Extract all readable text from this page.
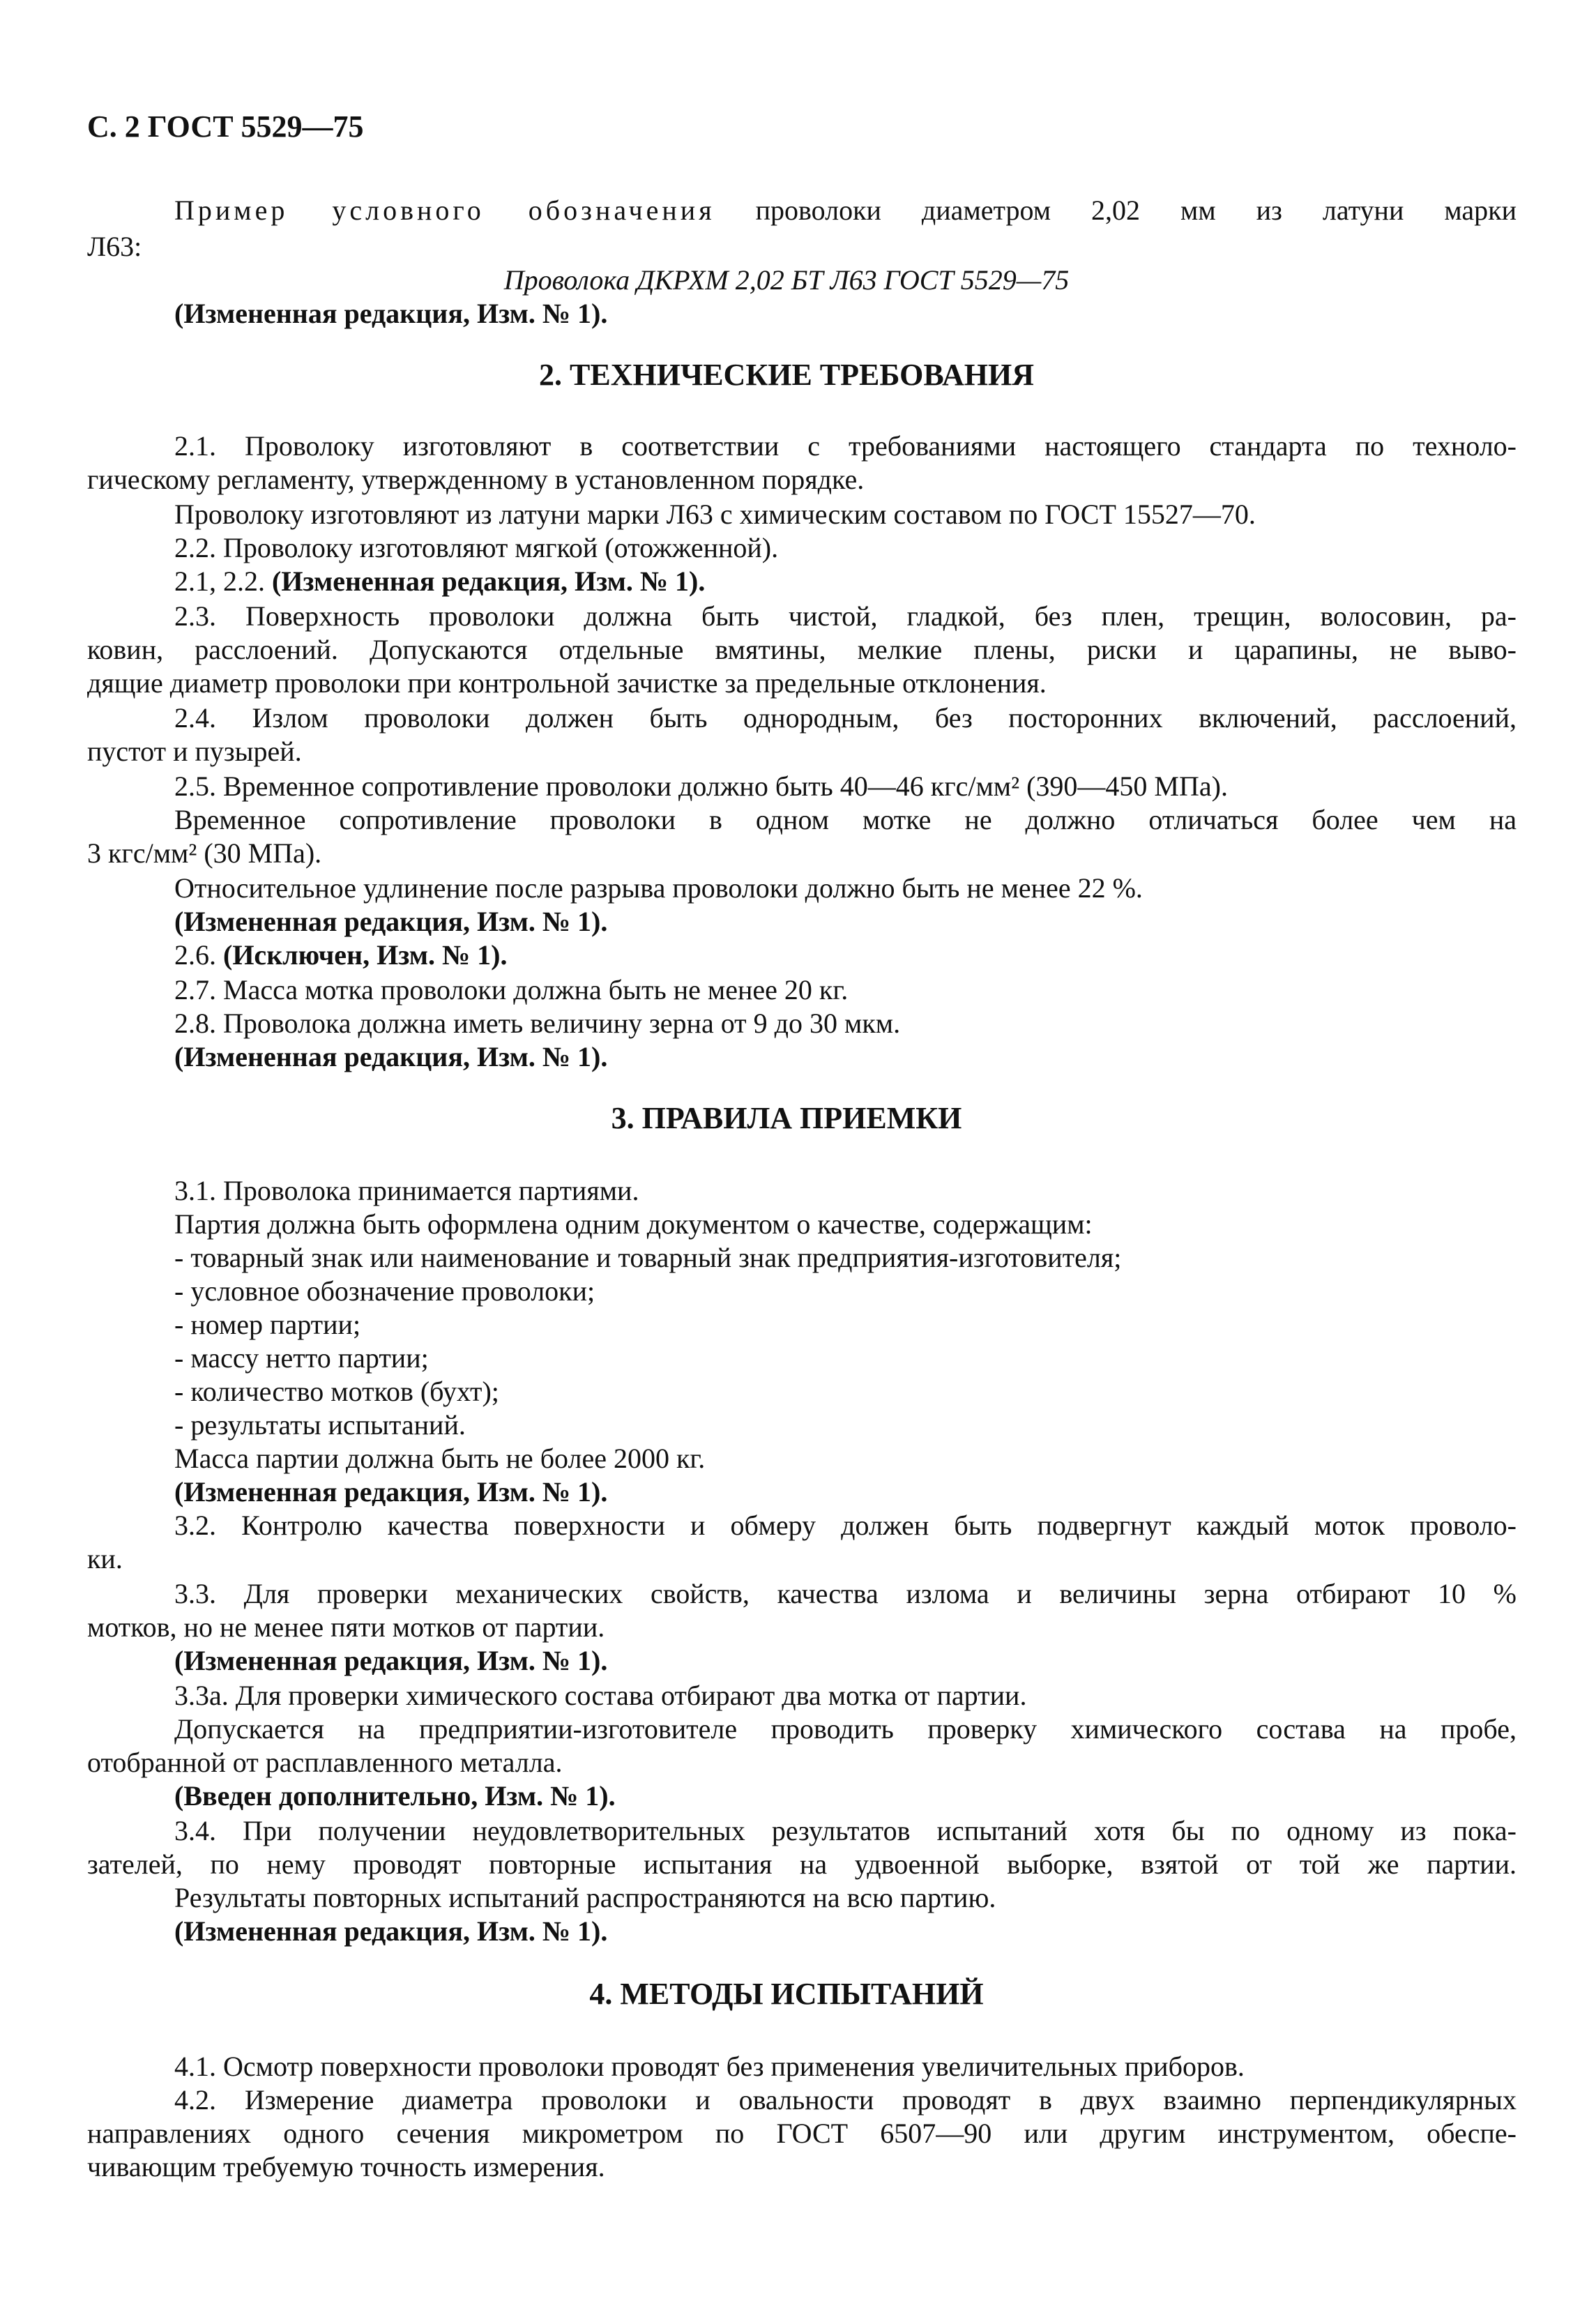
С. 2 ГОСТ 5529—75
Пример условного обозначения проволоки диаметром 2,02 мм из латуни марки
Л63:
Проволока ДКРХМ 2,02 БТ Л63 ГОСТ 5529—75
(Измененная редакция, Изм. № 1).
2. ТЕХНИЧЕСКИЕ ТРЕБОВАНИЯ
2.1. Проволоку изготовляют в соответствии с требованиями настоящего стандарта по техноло-
гическому регламенту, утвержденному в установленном порядке.
Проволоку изготовляют из латуни марки Л63 с химическим составом по ГОСТ 15527—70.
2.2. Проволоку изготовляют мягкой (отожженной).
2.1, 2.2. (Измененная редакция, Изм. № 1).
2.3. Поверхность проволоки должна быть чистой, гладкой, без плен, трещин, волосовин, ра-
ковин, расслоений. Допускаются отдельные вмятины, мелкие плены, риски и царапины, не выво-
дящие диаметр проволоки при контрольной зачистке за предельные отклонения.
2.4. Излом проволоки должен быть однородным, без посторонних включений, расслоений,
пустот и пузырей.
2.5. Временное сопротивление проволоки должно быть 40—46 кгс/мм² (390—450 МПа).
Временное сопротивление проволоки в одном мотке не должно отличаться более чем на
3 кгс/мм² (30 МПа).
Относительное удлинение после разрыва проволоки должно быть не менее 22 %.
(Измененная редакция, Изм. № 1).
2.6. (Исключен, Изм. № 1).
2.7. Масса мотка проволоки должна быть не менее 20 кг.
2.8. Проволока должна иметь величину зерна от 9 до 30 мкм.
(Измененная редакция, Изм. № 1).
3. ПРАВИЛА ПРИЕМКИ
3.1. Проволока принимается партиями.
Партия должна быть оформлена одним документом о качестве, содержащим:
- товарный знак или наименование и товарный знак предприятия-изготовителя;
- условное обозначение проволоки;
- номер партии;
- массу нетто партии;
- количество мотков (бухт);
- результаты испытаний.
Масса партии должна быть не более 2000 кг.
(Измененная редакция, Изм. № 1).
3.2. Контролю качества поверхности и обмеру должен быть подвергнут каждый моток проволо-
ки.
3.3. Для проверки механических свойств, качества излома и величины зерна отбирают 10 %
мотков, но не менее пяти мотков от партии.
(Измененная редакция, Изм. № 1).
3.3а. Для проверки химического состава отбирают два мотка от партии.
Допускается на предприятии-изготовителе проводить проверку химического состава на пробе,
отобранной от расплавленного металла.
(Введен дополнительно, Изм. № 1).
3.4. При получении неудовлетворительных результатов испытаний хотя бы по одному из пока-
зателей, по нему проводят повторные испытания на удвоенной выборке, взятой от той же партии.
Результаты повторных испытаний распространяются на всю партию.
(Измененная редакция, Изм. № 1).
4. МЕТОДЫ ИСПЫТАНИЙ
4.1. Осмотр поверхности проволоки проводят без применения увеличительных приборов.
4.2. Измерение диаметра проволоки и овальности проводят в двух взаимно перпендикулярных
направлениях одного сечения микрометром по ГОСТ 6507—90 или другим инструментом, обеспе-
чивающим требуемую точность измерения.
